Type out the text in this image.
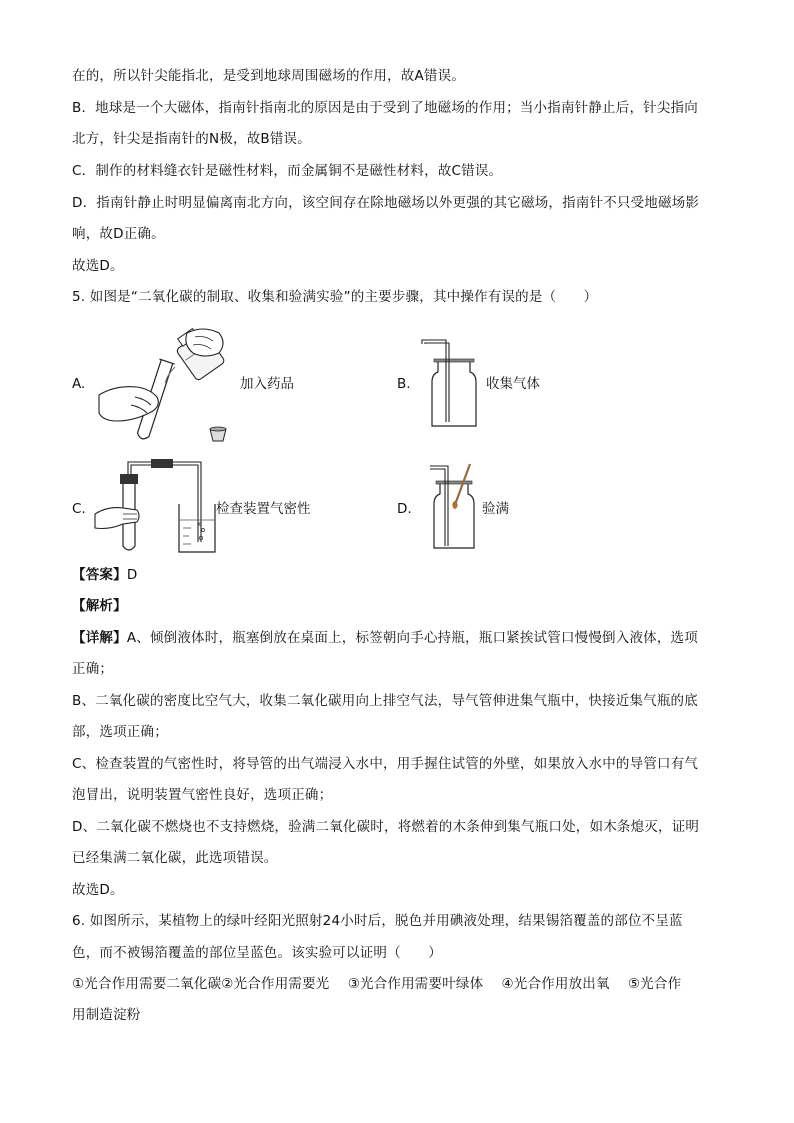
在的，所以针尖能指北，是受到地球周围磁场的作用，故A错误。
B．地球是一个大磁体，指南针指南北的原因是由于受到了地磁场的作用；当小指南针静止后，针尖指向
北方，针尖是指南针的N极，故B错误。
C．制作的材料缝衣针是磁性材料，而金属铜不是磁性材料，故C错误。
D．指南针静止时明显偏离南北方向，该空间存在除地磁场以外更强的其它磁场，指南针不只受地磁场影
响，故D正确。
故选D。
5. 如图是“二氧化碳的制取、收集和验满实验”的主要步骤，其中操作有误的是（　　）
A.	加入药品	B.	收集气体
C.	检查装置气密性	D.	验满
【答案】D
【解析】
【详解】A、倾倒液体时，瓶塞倒放在桌面上，标签朝向手心持瓶，瓶口紧挨试管口慢慢倒入液体，选项
正确；
B、二氧化碳的密度比空气大，收集二氧化碳用向上排空气法，导气管伸进集气瓶中，快接近集气瓶的底
部，选项正确；
C、检查装置的气密性时，将导管的出气端浸入水中，用手握住试管的外壁，如果放入水中的导管口有气
泡冒出，说明装置气密性良好，选项正确；
D、二氧化碳不燃烧也不支持燃烧，验满二氧化碳时，将燃着的木条伸到集气瓶口处，如木条熄灭，证明
已经集满二氧化碳，此选项错误。
故选D。
6. 如图所示，某植物上的绿叶经阳光照射24小时后，脱色并用碘液处理，结果锡箔覆盖的部位不呈蓝
色，而不被锡箔覆盖的部位呈蓝色。该实验可以证明（　　）
①光合作用需要二氧化碳②光合作用需要光　 ③光合作用需要叶绿体　 ④光合作用放出氧　 ⑤光合作
用制造淀粉
